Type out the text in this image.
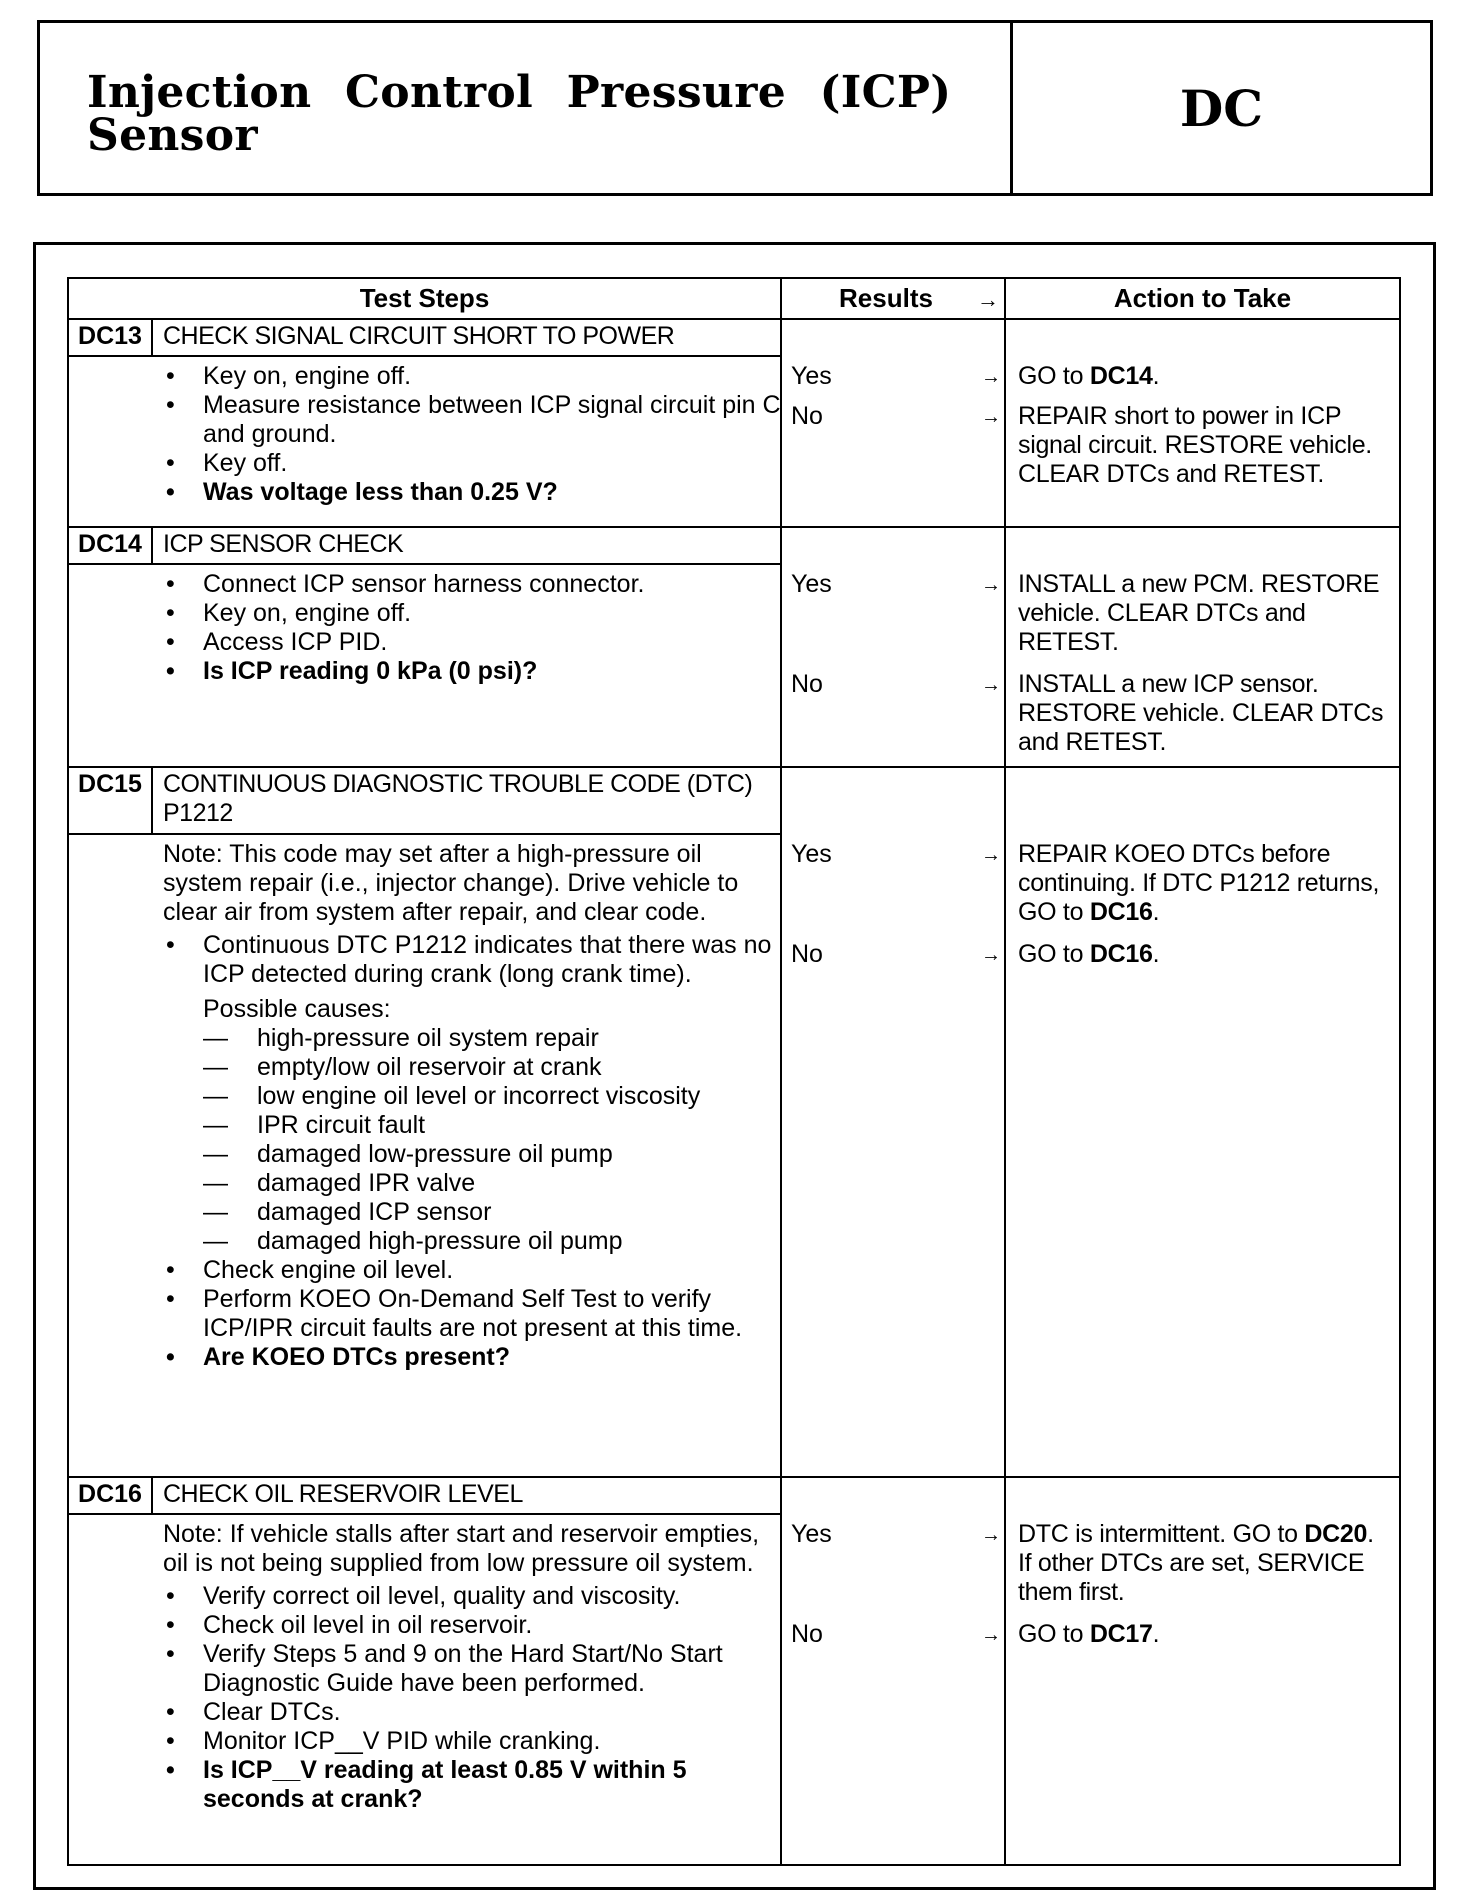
Injection Control Pressure (ICP)
Sensor	DC
Test Steps	Results	→	Action to Take
DC13 CHECK SIGNAL CIRCUIT SHORT TO POWER
• Key on, engine off.
• Measure resistance between ICP signal circuit pin C and ground.
• Key off.
• Was voltage less than 0.25 V?
Yes	→ GO to DC14.
No	→ REPAIR short to power in ICP signal circuit. RESTORE vehicle. CLEAR DTCs and RETEST.
DC14 ICP SENSOR CHECK
• Connect ICP sensor harness connector.
• Key on, engine off.
• Access ICP PID.
• Is ICP reading 0 kPa (0 psi)?
Yes	→ INSTALL a new PCM. RESTORE vehicle. CLEAR DTCs and RETEST.
No	→ INSTALL a new ICP sensor. RESTORE vehicle. CLEAR DTCs and RETEST.
DC15 CONTINUOUS DIAGNOSTIC TROUBLE CODE (DTC) P1212

Note: This code may set after a high-pressure oil system repair (i.e., injector change). Drive vehicle to clear air from system after repair, and clear code.

• Continuous DTC P1212 indicates that there was no ICP detected during crank (long crank time).
Possible causes:
— high-pressure oil system repair
— empty/low oil reservoir at crank
— low engine oil level or incorrect viscosity
— IPR circuit fault
— damaged low-pressure oil pump
— damaged IPR valve
— damaged ICP sensor
— damaged high-pressure oil pump
• Check engine oil level.
• Perform KOEO On-Demand Self Test to verify ICP/IPR circuit faults are not present at this time.
• Are KOEO DTCs present?
Yes	→ REPAIR KOEO DTCs before continuing. If DTC P1212 returns, GO to DC16.
No	→ GO to DC16.
DC16 CHECK OIL RESERVOIR LEVEL

Note: If vehicle stalls after start and reservoir empties, oil is not being supplied from low pressure oil system.

• Verify correct oil level, quality and viscosity.
• Check oil level in oil reservoir.
• Verify Steps 5 and 9 on the Hard Start/No Start Diagnostic Guide have been performed.
• Clear DTCs.
• Monitor ICP__V PID while cranking.
• Is ICP__V reading at least 0.85 V within 5 seconds at crank?
Yes	→ DTC is intermittent. GO to DC20. If other DTCs are set, SERVICE them first.
No	→ GO to DC17.
